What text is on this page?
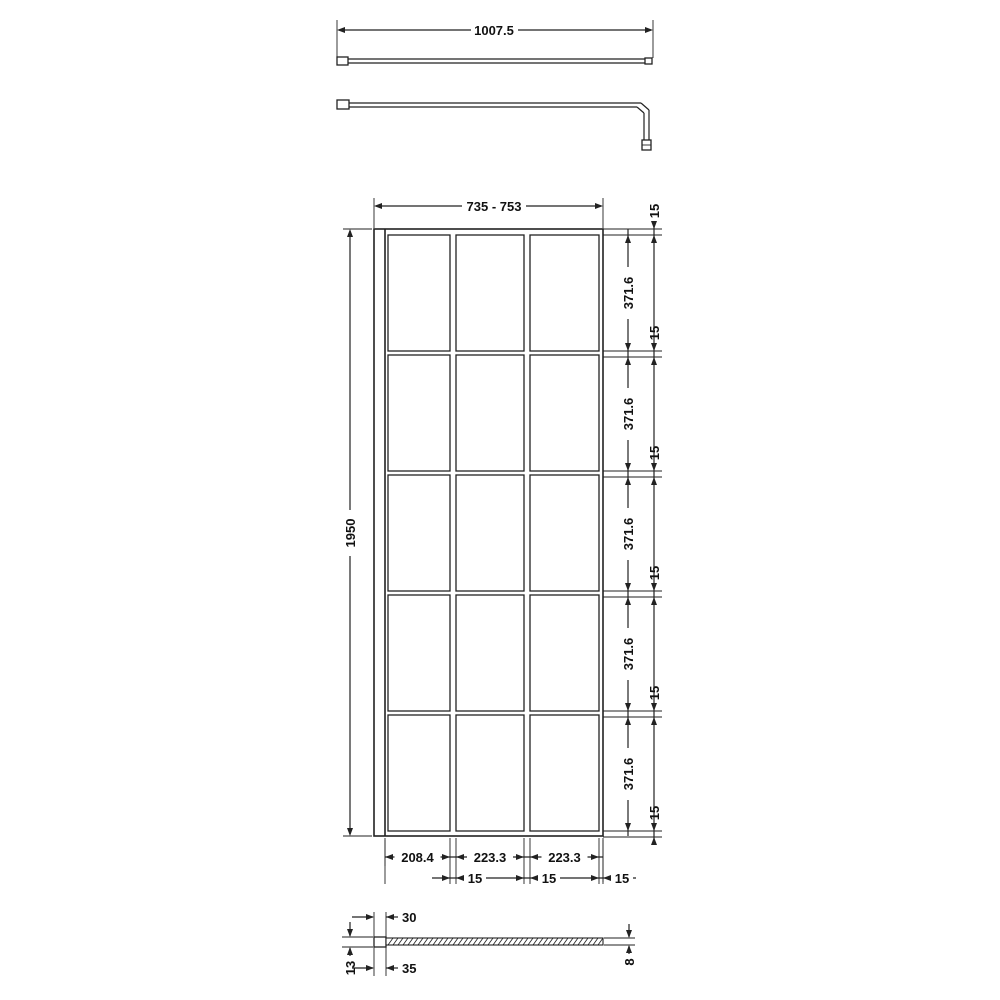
1007.5
735 - 753
1950
15
15
15
15
15
15
371.6
371.6
371.6
371.6
371.6
208.4	223.3	223.3
15	15	15
30
35
13	8
